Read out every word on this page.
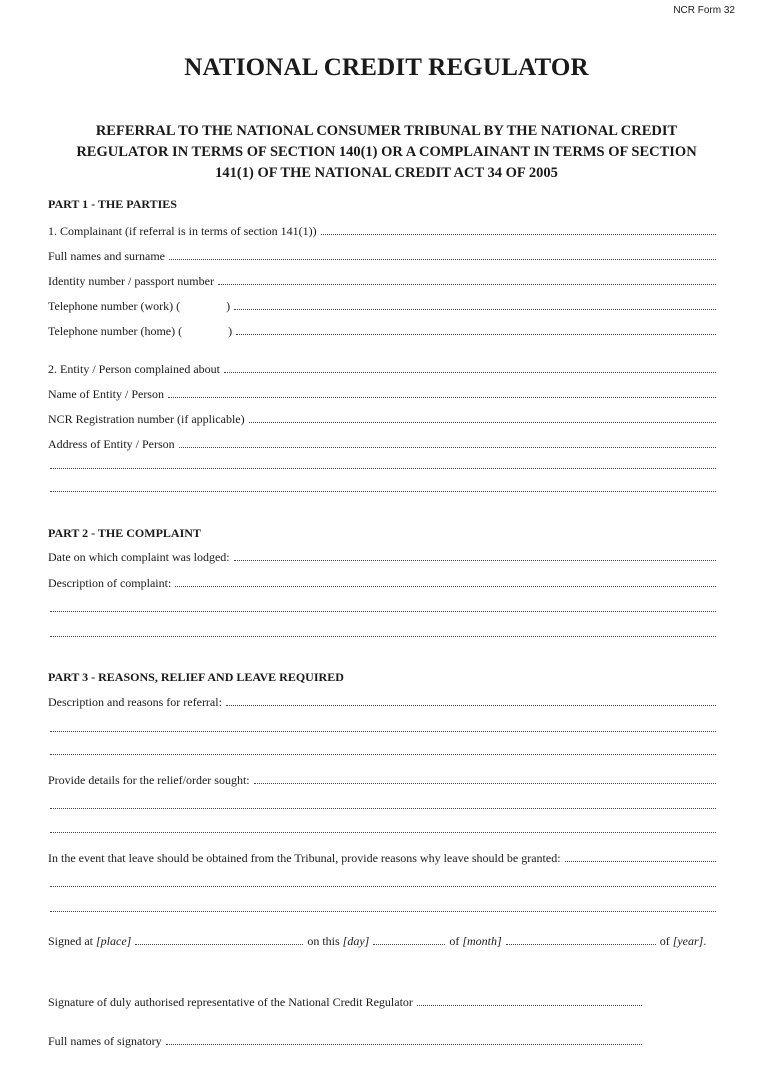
NCR Form 32
NATIONAL CREDIT REGULATOR
REFERRAL TO THE NATIONAL CONSUMER TRIBUNAL BY THE NATIONAL CREDIT REGULATOR IN TERMS OF SECTION 140(1) OR A COMPLAINANT IN TERMS OF SECTION 141(1) OF THE NATIONAL CREDIT ACT 34 OF 2005
PART 1 - THE PARTIES
1. Complainant (if referral is in terms of section 141(1))
Full names and surname
Identity number / passport number
Telephone number (work) (	)
Telephone number (home) (	)
2. Entity / Person complained about
Name of Entity / Person
NCR Registration number (if applicable)
Address of Entity / Person
PART 2 - THE COMPLAINT
Date on which complaint was lodged:
Description of complaint:
PART 3 - REASONS, RELIEF AND LEAVE REQUIRED
Description and reasons for referral:
Provide details for the relief/order sought:
In the event that leave should be obtained from the Tribunal, provide reasons why leave should be granted:
Signed at
[place]	on this
[day]	of
[month]	of
[year] .
Signature of duly authorised representative of the National Credit Regulator
Full names of signatory
